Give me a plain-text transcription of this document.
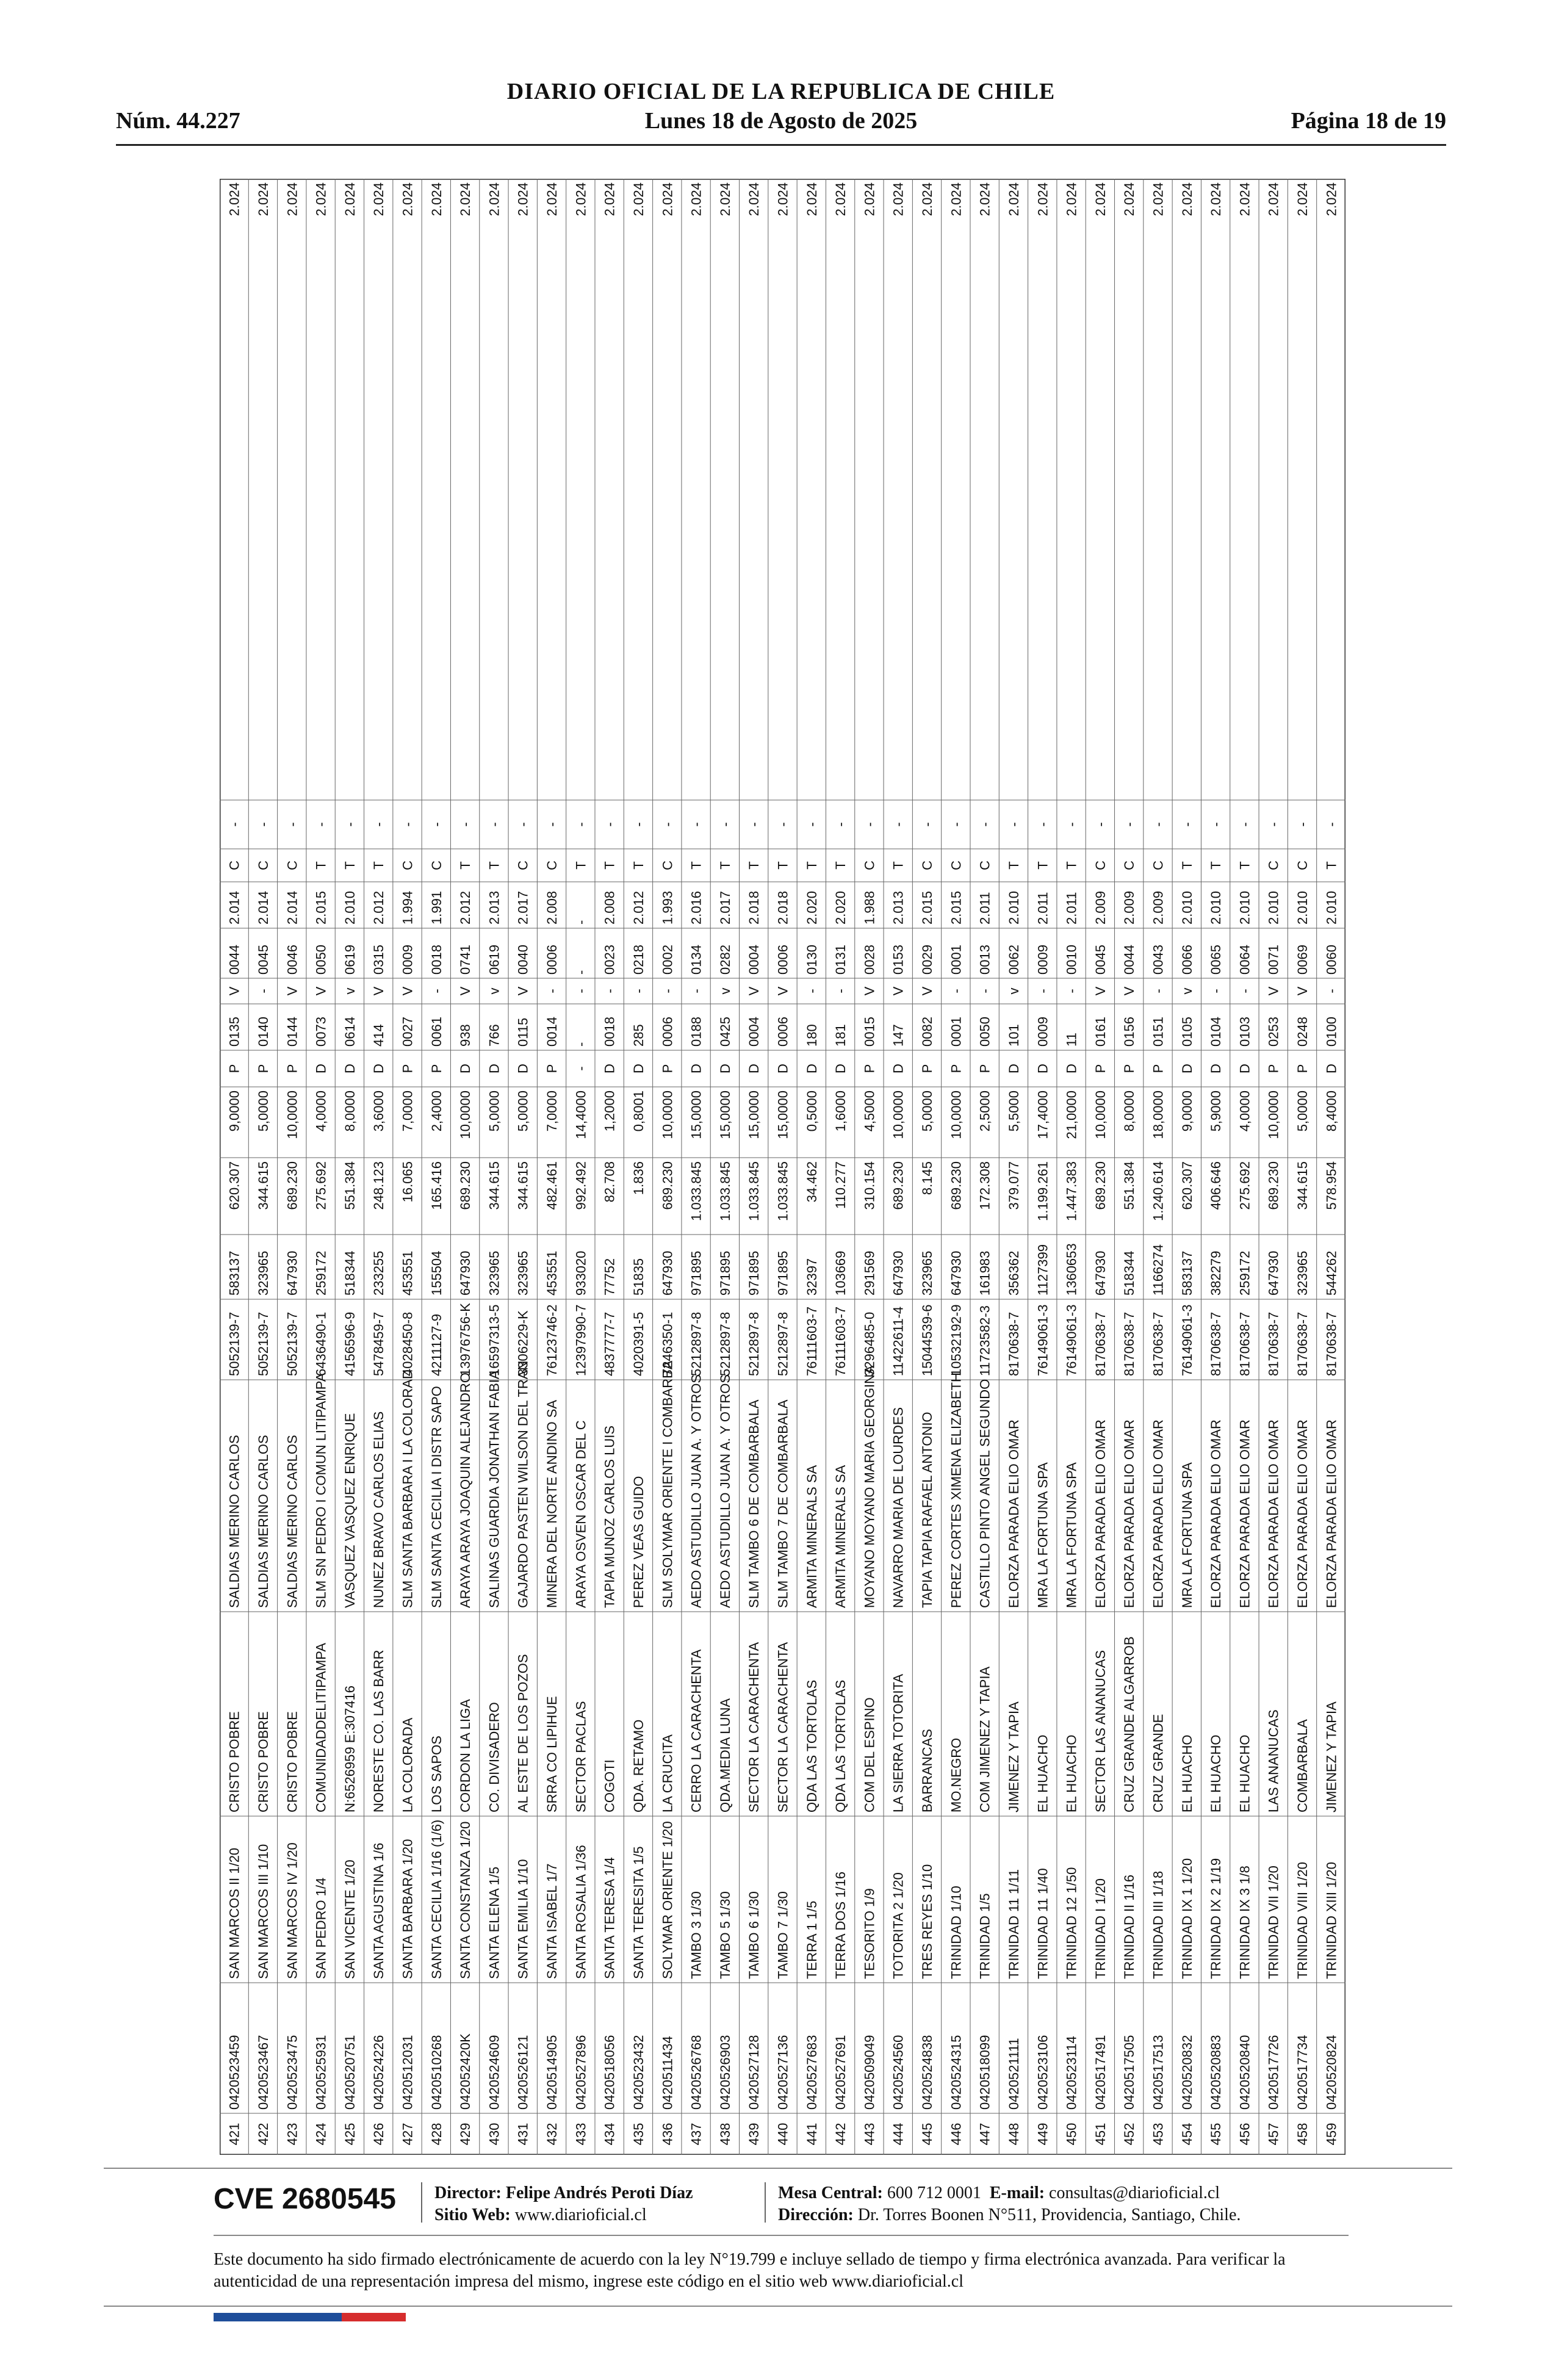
DIARIO OFICIAL DE LA REPUBLICA DE CHILE
Núm. 44.227	Lunes 18 de Agosto de 2025	Página 18 de 19
421
0420523459
SAN MARCOS II 1/20
CRISTO POBRE
SALDIAS MERINO CARLOS
5052139-7
583137
620.307
9,0000
P
0135
V
0044
2.014
C
-
2.024
422
0420523467
SAN MARCOS III 1/10
CRISTO POBRE
SALDIAS MERINO CARLOS
5052139-7
323965
344.615
5,0000
P
0140
-
0045
2.014
C
-
2.024
423
0420523475
SAN MARCOS IV 1/20
CRISTO POBRE
SALDIAS MERINO CARLOS
5052139-7
647930
689.230
10,0000
P
0144
V
0046
2.014
C
-
2.024
424
0420525931
SAN PEDRO 1/4
COMUNIDADDELITIPAMPA
SLM SN PEDRO I COMUN LITIPAMPA
6436490-1
259172
275.692
4,0000
D
0073
V
0050
2.015
T
-
2.024
425
0420520751
SAN VICENTE 1/20
N:6526959 E:307416
VASQUEZ VASQUEZ ENRIQUE
4156596-9
518344
551.384
8,0000
D
0614
v
0619
2.010
T
-
2.024
426
0420524226
SANTA AGUSTINA 1/6
NORESTE CO. LAS BARR
NUNEZ BRAVO CARLOS ELIAS
5478459-7
233255
248.123
3,6000
D
414
V
0315
2.012
T
-
2.024
427
0420512031
SANTA BARBARA 1/20
LA COLORADA
SLM SANTA BARBARA I LA COLORAD
4028450-8
453551
16.065
7,0000
P
0027
V
0009
1.994
C
-
2.024
428
0420510268
SANTA CECILIA 1/16 (1/6)
LOS SAPOS
SLM SANTA CECILIA I DISTR SAPO
4211127-9
155504
165.416
2,4000
P
0061
-
0018
1.991
C
-
2.024
429
042052420K
SANTA CONSTANZA 1/20
CORDON LA LIGA
ARAYA ARAYA JOAQUIN ALEJANDRO
13976756-K
647930
689.230
10,0000
D
938
V
0741
2.012
T
-
2.024
430
0420524609
SANTA ELENA 1/5
CO. DIVISADERO
SALINAS GUARDIA JONATHAN FABIA
16597313-5
323965
344.615
5,0000
D
766
v
0619
2.013
T
-
2.024
431
0420526121
SANTA EMILIA 1/10
AL ESTE DE LOS POZOS
GAJARDO PASTEN WILSON DEL TRAN
3306229-K
323965
344.615
5,0000
D
0115
V
0040
2.017
C
-
2.024
432
0420514905
SANTA ISABEL 1/7
SRRA CO LIPIHUE
MINERA DEL NORTE ANDINO SA
76123746-2
453551
482.461
7,0000
P
0014
-
0006
2.008
C
-
2.024
433
0420527896
SANTA ROSALIA 1/36
SECTOR PACLAS
ARAYA OSVEN OSCAR DEL C
12397990-7
933020
992.492
14,4000
-
-
-
-
-
T
-
2.024
434
0420518056
SANTA TERESA 1/4
COGOTI
TAPIA MUNOZ CARLOS LUIS
4837777-7
77752
82.708
1,2000
D
0018
-
0023
2.008
T
-
2.024
435
0420523432
SANTA TERESITA 1/5
QDA. RETAMO
PEREZ VEAS GUIDO
4020391-5
51835
1.836
0,8001
D
285
-
0218
2.012
T
-
2.024
436
0420511434
SOLYMAR ORIENTE 1/20
LA CRUCITA
SLM SOLYMAR ORIENTE I COMBARBA
7246350-1
647930
689.230
10,0000
P
0006
-
0002
1.993
C
-
2.024
437
0420526768
TAMBO 3 1/30
CERRO LA CARACHENTA
AEDO ASTUDILLO JUAN A. Y OTROS
5212897-8
971895
1.033.845
15,0000
D
0188
-
0134
2.016
T
-
2.024
438
0420526903
TAMBO 5 1/30
QDA.MEDIA LUNA
AEDO ASTUDILLO JUAN A. Y OTROS
5212897-8
971895
1.033.845
15,0000
D
0425
v
0282
2.017
T
-
2.024
439
0420527128
TAMBO 6 1/30
SECTOR LA CARACHENTA
SLM TAMBO 6 DE COMBARBALA
5212897-8
971895
1.033.845
15,0000
D
0004
V
0004
2.018
T
-
2.024
440
0420527136
TAMBO 7 1/30
SECTOR LA CARACHENTA
SLM TAMBO 7 DE COMBARBALA
5212897-8
971895
1.033.845
15,0000
D
0006
V
0006
2.018
T
-
2.024
441
0420527683
TERRA 1 1/5
QDA LAS TORTOLAS
ARMITA MINERALS SA
76111603-7
32397
34.462
0,5000
D
180
-
0130
2.020
T
-
2.024
442
0420527691
TERRA DOS 1/16
QDA LAS TORTOLAS
ARMITA MINERALS SA
76111603-7
103669
110.277
1,6000
D
181
-
0131
2.020
T
-
2.024
443
0420509049
TESORITO 1/9
COM DEL ESPINO
MOYANO MOYANO MARIA GEORGINA
3296485-0
291569
310.154
4,5000
P
0015
V
0028
1.988
C
-
2.024
444
0420524560
TOTORITA 2 1/20
LA SIERRA TOTORITA
NAVARRO MARIA DE LOURDES
11422611-4
647930
689.230
10,0000
D
147
V
0153
2.013
T
-
2.024
445
0420524838
TRES REYES 1/10
BARRANCAS
TAPIA TAPIA RAFAEL ANTONIO
15044539-6
323965
8.145
5,0000
P
0082
V
0029
2.015
C
-
2.024
446
0420524315
TRINIDAD 1/10
MO.NEGRO
PEREZ CORTES XIMENA ELIZABETH
10532192-9
647930
689.230
10,0000
P
0001
-
0001
2.015
C
-
2.024
447
0420518099
TRINIDAD 1/5
COM JIMENEZ Y TAPIA
CASTILLO PINTO ANGEL SEGUNDO
11723582-3
161983
172.308
2,5000
P
0050
-
0013
2.011
C
-
2.024
448
0420521111
TRINIDAD 11 1/11
JIMENEZ Y TAPIA
ELORZA PARADA ELIO OMAR
8170638-7
356362
379.077
5,5000
D
101
v
0062
2.010
T
-
2.024
449
0420523106
TRINIDAD 11 1/40
EL HUACHO
MRA LA FORTUNA SPA
76149061-3
1127399
1.199.261
17,4000
D
0009
-
0009
2.011
T
-
2.024
450
0420523114
TRINIDAD 12 1/50
EL HUACHO
MRA LA FORTUNA SPA
76149061-3
1360653
1.447.383
21,0000
D
11
-
0010
2.011
T
-
2.024
451
0420517491
TRINIDAD I 1/20
SECTOR LAS ANANUCAS
ELORZA PARADA ELIO OMAR
8170638-7
647930
689.230
10,0000
P
0161
V
0045
2.009
C
-
2.024
452
0420517505
TRINIDAD II 1/16
CRUZ GRANDE ALGARROB
ELORZA PARADA ELIO OMAR
8170638-7
518344
551.384
8,0000
P
0156
V
0044
2.009
C
-
2.024
453
0420517513
TRINIDAD III 1/18
CRUZ GRANDE
ELORZA PARADA ELIO OMAR
8170638-7
1166274
1.240.614
18,0000
P
0151
-
0043
2.009
C
-
2.024
454
0420520832
TRINIDAD IX 1 1/20
EL HUACHO
MRA LA FORTUNA SPA
76149061-3
583137
620.307
9,0000
D
0105
v
0066
2.010
T
-
2.024
455
0420520883
TRINIDAD IX 2 1/19
EL HUACHO
ELORZA PARADA ELIO OMAR
8170638-7
382279
406.646
5,9000
D
0104
-
0065
2.010
T
-
2.024
456
0420520840
TRINIDAD IX 3 1/8
EL HUACHO
ELORZA PARADA ELIO OMAR
8170638-7
259172
275.692
4,0000
D
0103
-
0064
2.010
T
-
2.024
457
0420517726
TRINIDAD VII 1/20
LAS ANANUCAS
ELORZA PARADA ELIO OMAR
8170638-7
647930
689.230
10,0000
P
0253
V
0071
2.010
C
-
2.024
458
0420517734
TRINIDAD VIII 1/20
COMBARBALA
ELORZA PARADA ELIO OMAR
8170638-7
323965
344.615
5,0000
P
0248
V
0069
2.010
C
-
2.024
459
0420520824
TRINIDAD XIII 1/20
JIMENEZ Y TAPIA
ELORZA PARADA ELIO OMAR
8170638-7
544262
578.954
8,4000
D
0100
-
0060
2.010
T
-
2.024
CVE 2680545 Director: Felipe Andrés Peroti Díaz
Sitio Web: www.diarioficial.cl
Mesa Central: 600 712 0001 E-mail: consultas@diarioficial.cl
Dirección: Dr. Torres Boonen N°511, Providencia, Santiago, Chile.
Este documento ha sido firmado electrónicamente de acuerdo con la ley N°19.799 e incluye sellado de tiempo y firma electrónica avanzada. Para verificar la autenticidad de una representación impresa del mismo, ingrese este código en el sitio web www.diarioficial.cl
